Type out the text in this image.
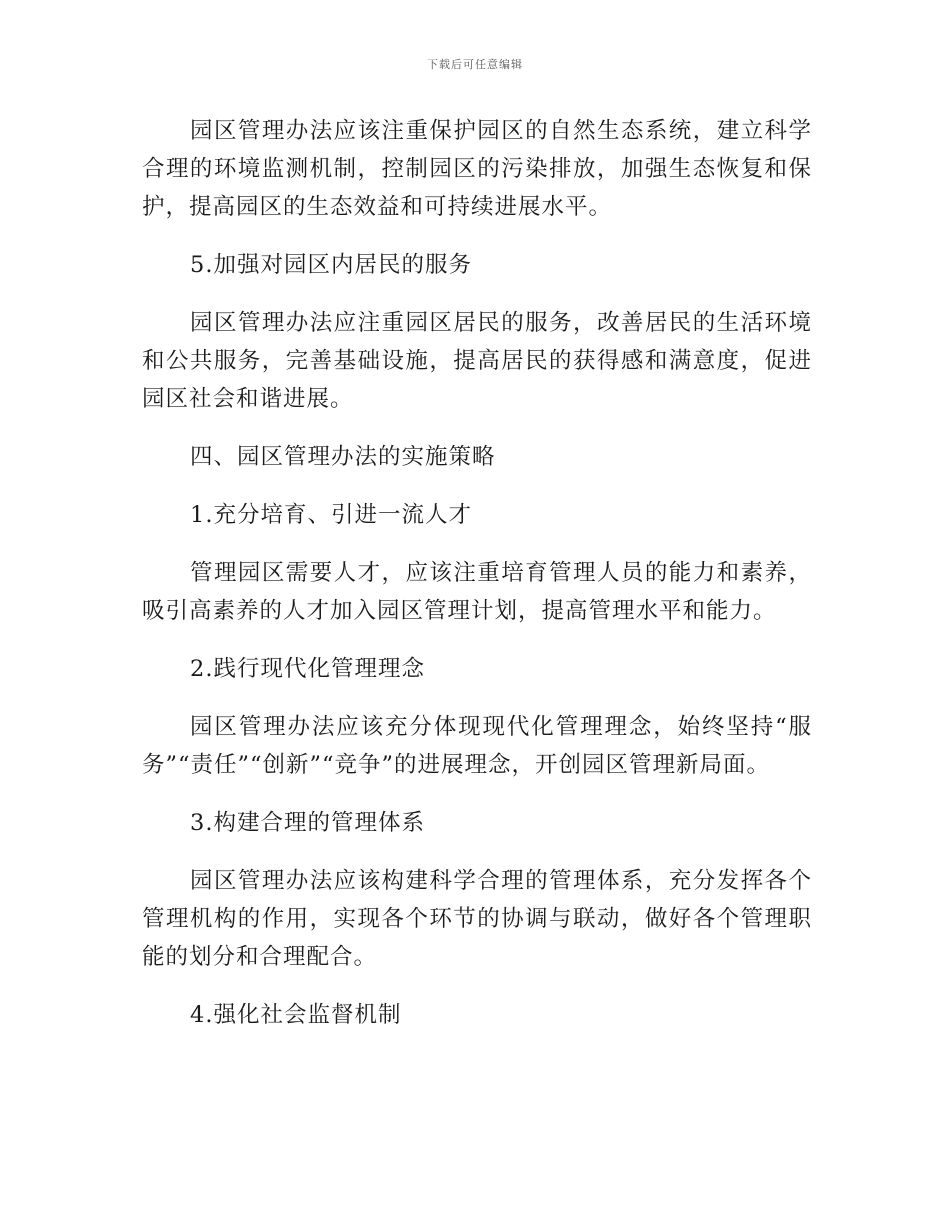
下载后可任意编辑

园区管理办法应该注重保护园区的自然生态系统，建立科学合理的环境监测机制，控制园区的污染排放，加强生态恢复和保护，提高园区的生态效益和可持续进展水平。

5.加强对园区内居民的服务

园区管理办法应注重园区居民的服务，改善居民的生活环境和公共服务，完善基础设施，提高居民的获得感和满意度，促进园区社会和谐进展。

四、园区管理办法的实施策略

1.充分培育、引进一流人才

管理园区需要人才，应该注重培育管理人员的能力和素养，吸引高素养的人才加入园区管理计划，提高管理水平和能力。

2.践行现代化管理理念

园区管理办法应该充分体现现代化管理理念，始终坚持“服务”“责任”“创新”“竞争”的进展理念，开创园区管理新局面。

3.构建合理的管理体系

园区管理办法应该构建科学合理的管理体系，充分发挥各个管理机构的作用，实现各个环节的协调与联动，做好各个管理职能的划分和合理配合。

4.强化社会监督机制
